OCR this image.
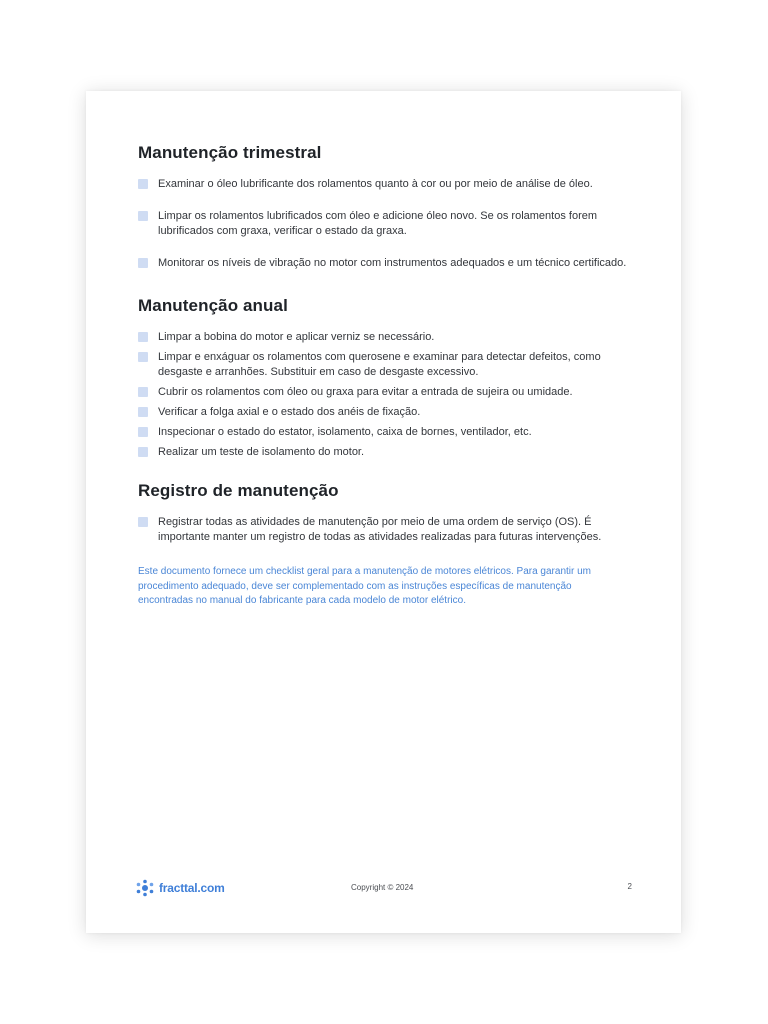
Manutenção trimestral
Examinar o óleo lubrificante dos rolamentos quanto à cor ou por meio de análise de óleo.
Limpar os rolamentos lubrificados com óleo e adicione óleo novo. Se os rolamentos forem lubrificados com graxa, verificar o estado da graxa.
Monitorar os níveis de vibração no motor com instrumentos adequados e um técnico certificado.
Manutenção anual
Limpar a bobina do motor e aplicar verniz se necessário.
Limpar e enxáguar os rolamentos com querosene e examinar para detectar defeitos, como desgaste e arranhões. Substituir em caso de desgaste excessivo.
Cubrir os rolamentos com óleo ou graxa para evitar a entrada de sujeira ou umidade.
Verificar a folga axial e o estado dos anéis de fixação.
Inspecionar o estado do estator, isolamento, caixa de bornes, ventilador, etc.
Realizar um teste de isolamento do motor.
Registro de manutenção
Registrar todas as atividades de manutenção por meio de uma ordem de serviço (OS). É importante manter um registro de todas as atividades realizadas para futuras intervenções.

Este documento fornece um checklist geral para a manutenção de motores elétricos. Para garantir um procedimento adequado, deve ser complementado com as instruções específicas de manutenção encontradas no manual do fabricante para cada modelo de motor elétrico.

fracttal.com	Copyright © 2024	2
